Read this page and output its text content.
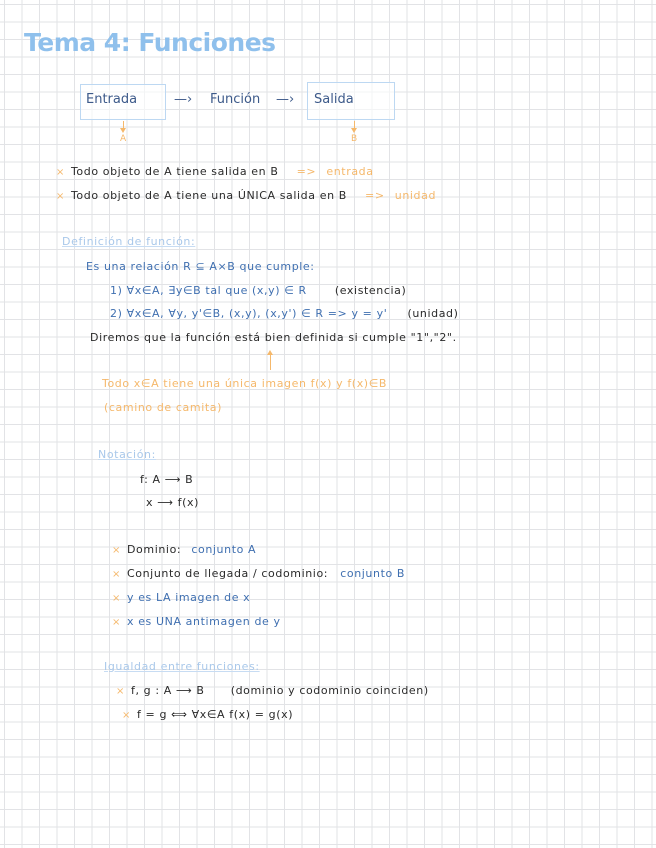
Tema 4: Funciones
Entrada	—› Función —› Salida
A	B
× Todo objeto de A tiene salida en B => entrada
× Todo objeto de A tiene una ÚNICA salida en B => unidad
Definición de función:
Es una relación R ⊆ A×B que cumple:
1) ∀x∈A, ∃y∈B tal que (x,y) ∈ R	(existencia)
2) ∀x∈A, ∀y, y'∈B, (x,y), (x,y') ∈ R => y = y' (unidad)
Diremos que la función está bien definida si cumple "1","2".
Todo x∈A tiene una única imagen f(x) y f(x)∈B
(camino de camita)
Notación:
f: A ⟶ B
x ⟶ f(x)
× Dominio: conjunto A
× Conjunto de llegada / codominio: conjunto B
× y es LA imagen de x
× x es UNA antimagen de y
Igualdad entre funciones:
× f, g : A ⟶ B (dominio y codominio coinciden)
× f = g ⟺ ∀x∈A f(x) = g(x)
